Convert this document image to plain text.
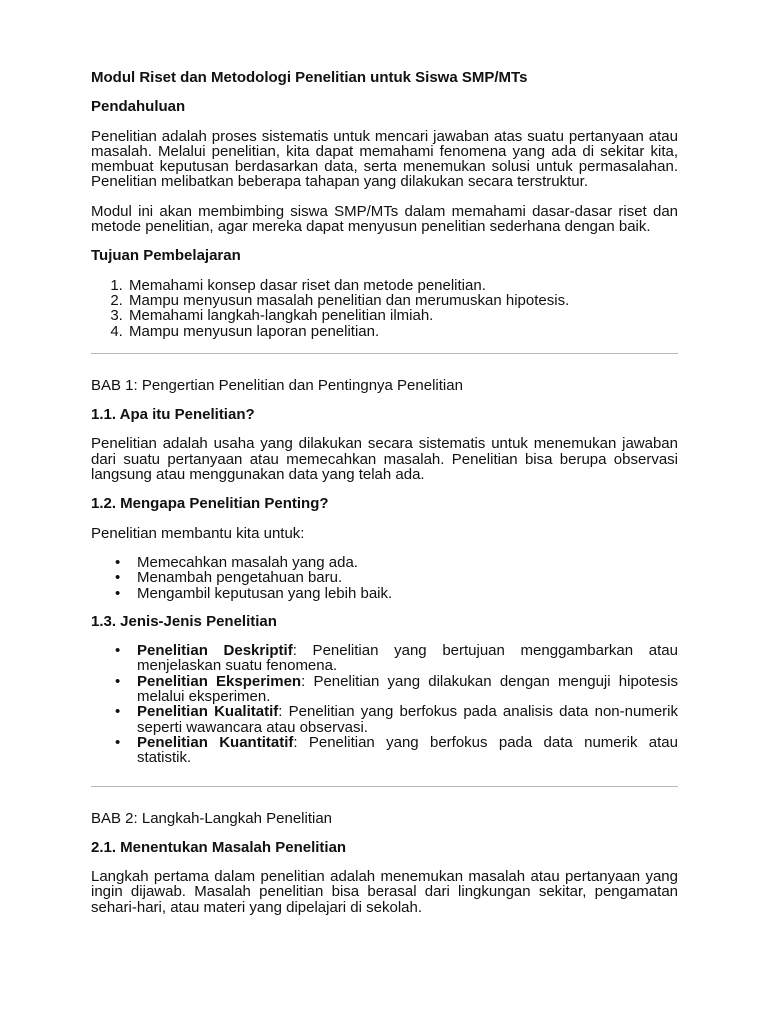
Modul Riset dan Metodologi Penelitian untuk Siswa SMP/MTs
Pendahuluan

Penelitian adalah proses sistematis untuk mencari jawaban atas suatu pertanyaan atau masalah. Melalui penelitian, kita dapat memahami fenomena yang ada di sekitar kita, membuat keputusan berdasarkan data, serta menemukan solusi untuk permasalahan. Penelitian melibatkan beberapa tahapan yang dilakukan secara terstruktur.

Modul ini akan membimbing siswa SMP/MTs dalam memahami dasar-dasar riset dan metode penelitian, agar mereka dapat menyusun penelitian sederhana dengan baik.

Tujuan Pembelajaran
1. Memahami konsep dasar riset dan metode penelitian.
2. Mampu menyusun masalah penelitian dan merumuskan hipotesis.
3. Memahami langkah-langkah penelitian ilmiah.
4. Mampu menyusun laporan penelitian.
BAB 1: Pengertian Penelitian dan Pentingnya Penelitian
1.1. Apa itu Penelitian?

Penelitian adalah usaha yang dilakukan secara sistematis untuk menemukan jawaban dari suatu pertanyaan atau memecahkan masalah. Penelitian bisa berupa observasi langsung atau menggunakan data yang telah ada.

1.2. Mengapa Penelitian Penting?

Penelitian membantu kita untuk:

• Memecahkan masalah yang ada.
• Menambah pengetahuan baru.
• Mengambil keputusan yang lebih baik.
1.3. Jenis-Jenis Penelitian
• Penelitian Deskriptif: Penelitian yang bertujuan menggambarkan atau menjelaskan suatu fenomena.
• Penelitian Eksperimen: Penelitian yang dilakukan dengan menguji hipotesis melalui eksperimen.
• Penelitian Kualitatif: Penelitian yang berfokus pada analisis data non-numerik seperti wawancara atau observasi.
• Penelitian Kuantitatif: Penelitian yang berfokus pada data numerik atau statistik.
BAB 2: Langkah-Langkah Penelitian
2.1. Menentukan Masalah Penelitian

Langkah pertama dalam penelitian adalah menemukan masalah atau pertanyaan yang ingin dijawab. Masalah penelitian bisa berasal dari lingkungan sekitar, pengamatan sehari-hari, atau materi yang dipelajari di sekolah.
